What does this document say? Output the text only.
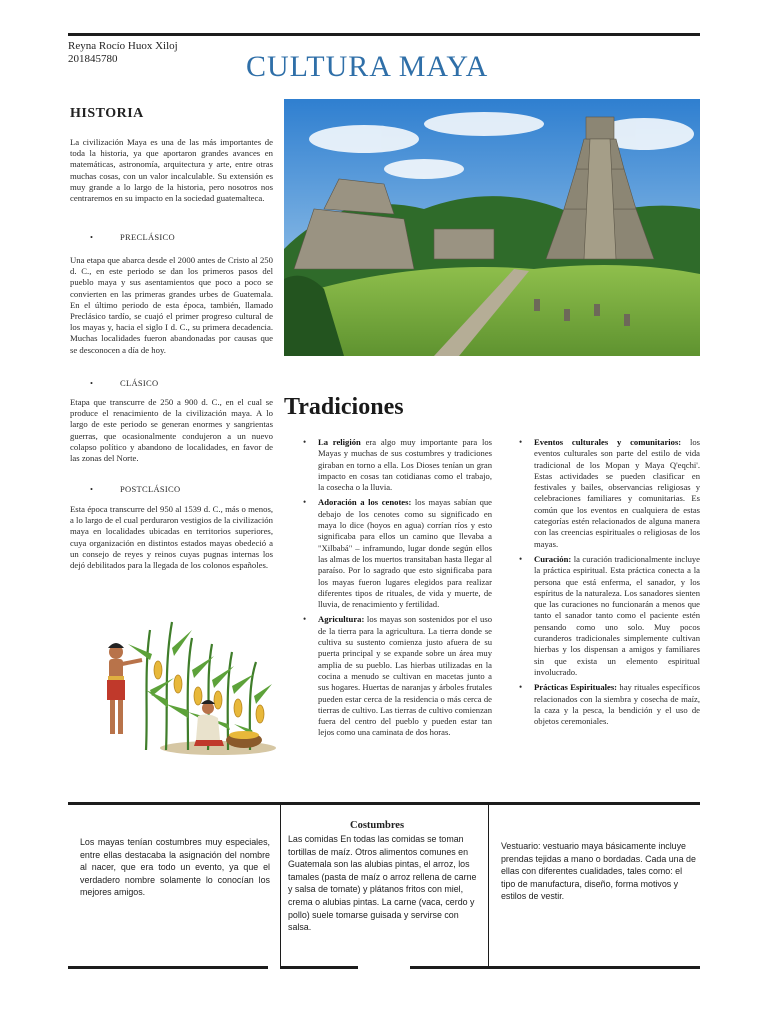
Reyna Rocío Huox Xiloj
201845780	CULTURA MAYA
HISTORIA
La civilización Maya es una de las más importantes de toda la historia, ya que aportaron grandes avances en matemáticas, astronomía, arquitectura y arte, entre otras muchas cosas, con un valor incalculable. Su extensión es muy grande a lo largo de la historia, pero nosotros nos centraremos en su impacto en la sociedad guatemalteca.
•	PRECLÁSICO
Una etapa que abarca desde el 2000 antes de Cristo al 250 d. C., en este periodo se dan los primeros pasos del pueblo maya y sus asentamientos que poco a poco se convierten en las primeras grandes urbes de Guatemala. En el último periodo de esta época, también, llamado Preclásico tardío, se cuajó el primer progreso cultural de los mayas y, hacia el siglo I d. C., su primera decadencia. Muchas localidades fueron abandonadas por causas que se desconocen a día de hoy.
•	CLÁSICO
Etapa que transcurre de 250 a 900 d. C., en el cual se produce el renacimiento de la civilización maya. A lo largo de este periodo se generan enormes y sangrientas guerras, que ocasionalmente condujeron a un nuevo colapso político y abandono de localidades, en favor de las zonas del Norte.
•	POSTCLÁSICO
Esta época transcurre del 950 al 1539 d. C., más o menos, a lo largo de el cual perduraron vestigios de la civilización maya en localidades ubicadas en territorios superiores, cuya organización en distintos estados mayas obedeció a un consejo de reyes y reinos cuyas pugnas internas los dejó debilitados para la llegada de los colonos españoles.
Tradiciones
• La religión era algo muy importante para los Mayas y muchas de sus costumbres y tradiciones giraban en torno a ella. Los Dioses tenían un gran impacto en cosas tan cotidianas como el trabajo, la cosecha o la lluvia.
• Adoración a los cenotes: los mayas sabían que debajo de los cenotes como su significado en maya lo dice (hoyos en agua) corrían ríos y esto significaba para ellos un camino que llevaba a "Xilbabá" – inframundo, lugar donde según ellos las almas de los muertos transitaban hasta llegar al paraíso. Por lo sagrado que esto significaba para los mayas fueron lugares elegidos para realizar diferentes tipos de rituales, de vida y muerte, de lluvia, de renacimiento y fertilidad.
• Agricultura: los mayas son sostenidos por el uso de la tierra para la agricultura. La tierra donde se cultiva su sustento comienza justo afuera de su puerta principal y se expande sobre un área muy amplia de su pueblo. Las hierbas utilizadas en la cocina a menudo se cultivan en macetas junto a sus hogares. Huertas de naranjas y árboles frutales pueden estar cerca de la residencia o más cerca de tierras de cultivo. Las tierras de cultivo comienzan fuera del centro del pueblo y pueden estar tan lejos como una caminata de dos horas.
• Eventos culturales y comunitarios: los eventos culturales son parte del estilo de vida tradicional de los Mopan y Maya Q'eqchi'. Estas actividades se pueden clasificar en festivales y bailes, observancias religiosas y celebraciones familiares y comunitarias. Es común que los eventos en cualquiera de estas categorías estén relacionados de alguna manera con las creencias espirituales o religiosas de los mayas.
• Curación: la curación tradicionalmente incluye la práctica espiritual. Esta práctica conecta a la persona que está enferma, el sanador, y los espíritus de la naturaleza. Los sanadores sienten que las curaciones no funcionarán a menos que tanto el sanador tanto como el paciente estén pensando como uno solo. Muy pocos curanderos tradicionales simplemente cultivan hierbas y los dispensan a amigos y familiares sin que exista un elemento espiritual involucrado.
• Prácticas Espirituales: hay rituales específicos relacionados con la siembra y cosecha de maíz, la caza y la pesca, la bendición y el uso de objetos ceremoniales.
Los mayas tenían costumbres muy especiales, entre ellas destacaba la asignación del nombre al nacer, que era todo un evento, ya que el verdadero nombre solamente lo conocían los mejores amigos.
Costumbres
Las comidas En todas las comidas se toman tortillas de maíz. Otros alimentos comunes en Guatemala son las alubias pintas, el arroz, los tamales (pasta de maíz o arroz rellena de carne y salsa de tomate) y plátanos fritos con miel, crema o alubias pintas. La carne (vaca, cerdo y pollo) suele tomarse guisada y servirse con salsa.
Vestuario: vestuario maya básicamente incluye prendas tejidas a mano o bordadas. Cada una de ellas con diferentes cualidades, tales como: el tipo de manufactura, diseño, forma motivos y estilos de vestir.
